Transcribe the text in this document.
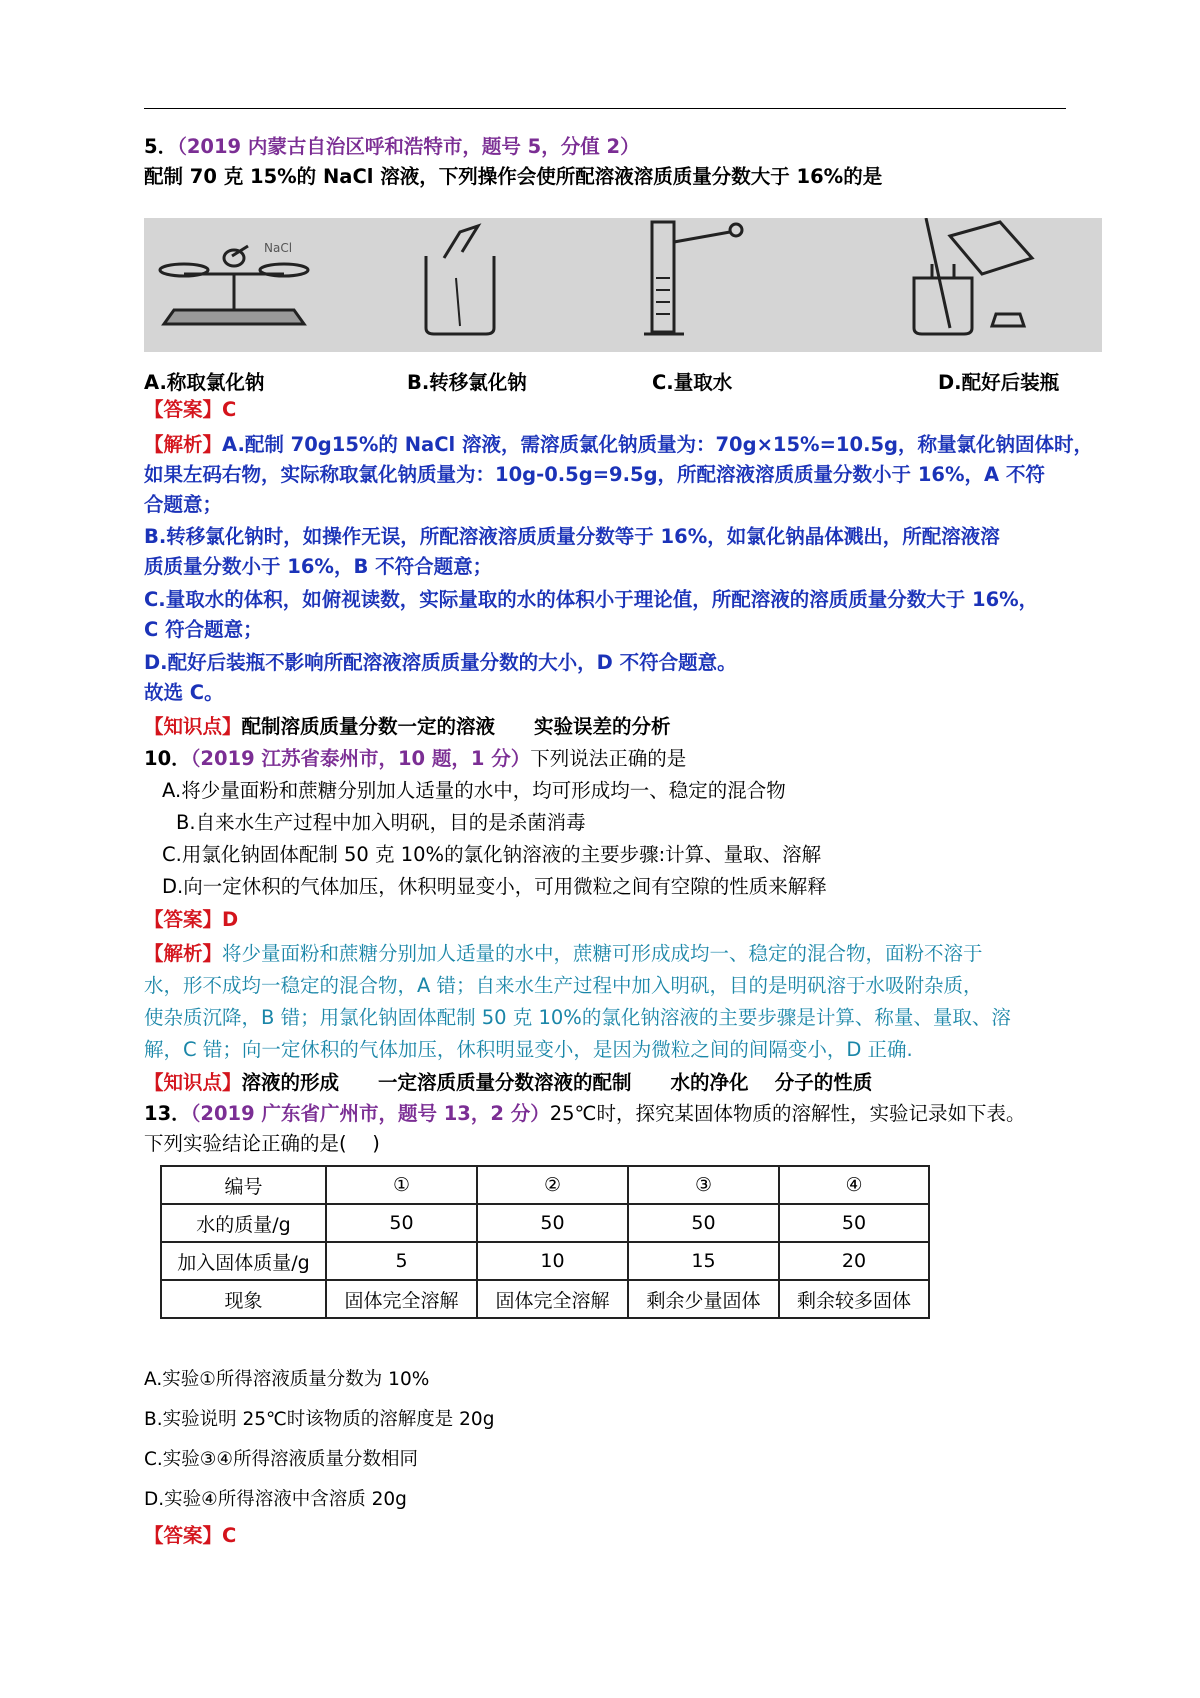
5．（2019 内蒙古自治区呼和浩特市，题号 5，分值 2）
配制 70 克 15%的 NaCl 溶液，下列操作会使所配溶液溶质质量分数大于 16%的是
NaCl
A.称取氯化钠	B.转移氯化钠	C.量取水	D.配好后装瓶
【答案】C
【解析】A.配制 70g15%的 NaCl 溶液，需溶质氯化钠质量为：70g×15%=10.5g，称量氯化钠固体时，
如果左码右物，实际称取氯化钠质量为：10g-0.5g=9.5g，所配溶液溶质质量分数小于 16%，A 不符
合题意；
B.转移氯化钠时，如操作无误，所配溶液溶质质量分数等于 16%，如氯化钠晶体溅出，所配溶液溶
质质量分数小于 16%，B 不符合题意；
C.量取水的体积，如俯视读数，实际量取的水的体积小于理论值，所配溶液的溶质质量分数大于 16%，
C 符合题意；
D.配好后装瓶不影响所配溶液溶质质量分数的大小，D 不符合题意。
故选 C。
【知识点】配制溶质质量分数一定的溶液　　实验误差的分析
10．（2019 江苏省泰州市，10 题，1 分）下列说法正确的是
A.将少量面粉和蔗糖分别加人适量的水中，均可形成均一、稳定的混合物
B.自来水生产过程中加入明矾，目的是杀菌消毒
C.用氯化钠固体配制 50 克 10%的氯化钠溶液的主要步骤:计算、量取、溶解
D.向一定休积的气体加压，休积明显变小，可用微粒之间有空隙的性质来解释
【答案】D
【解析】将少量面粉和蔗糖分别加人适量的水中，蔗糖可形成成均一、稳定的混合物，面粉不溶于
水，形不成均一稳定的混合物，A 错；自来水生产过程中加入明矾，目的是明矾溶于水吸附杂质，
使杂质沉降，B 错；用氯化钠固体配制 50 克 10%的氯化钠溶液的主要步骤是计算、称量、量取、溶
解，C 错；向一定休积的气体加压，休积明显变小，是因为微粒之间的间隔变小，D 正确.
【知识点】溶液的形成　　一定溶质质量分数溶液的配制　　水的净化　 分子的性质
13．（2019 广东省广州市，题号 13，2 分）25℃时，探究某固体物质的溶解性，实验记录如下表。
下列实验结论正确的是(　 )
编号	①	②	③	④
水的质量/g	50	50	50	50
加入固体质量/g	5	10	15	20
现象	固体完全溶解	固体完全溶解	剩余少量固体	剩余较多固体
A.实验①所得溶液质量分数为 10%
B.实验说明 25℃时该物质的溶解度是 20g
C.实验③④所得溶液质量分数相同
D.实验④所得溶液中含溶质 20g
【答案】C
